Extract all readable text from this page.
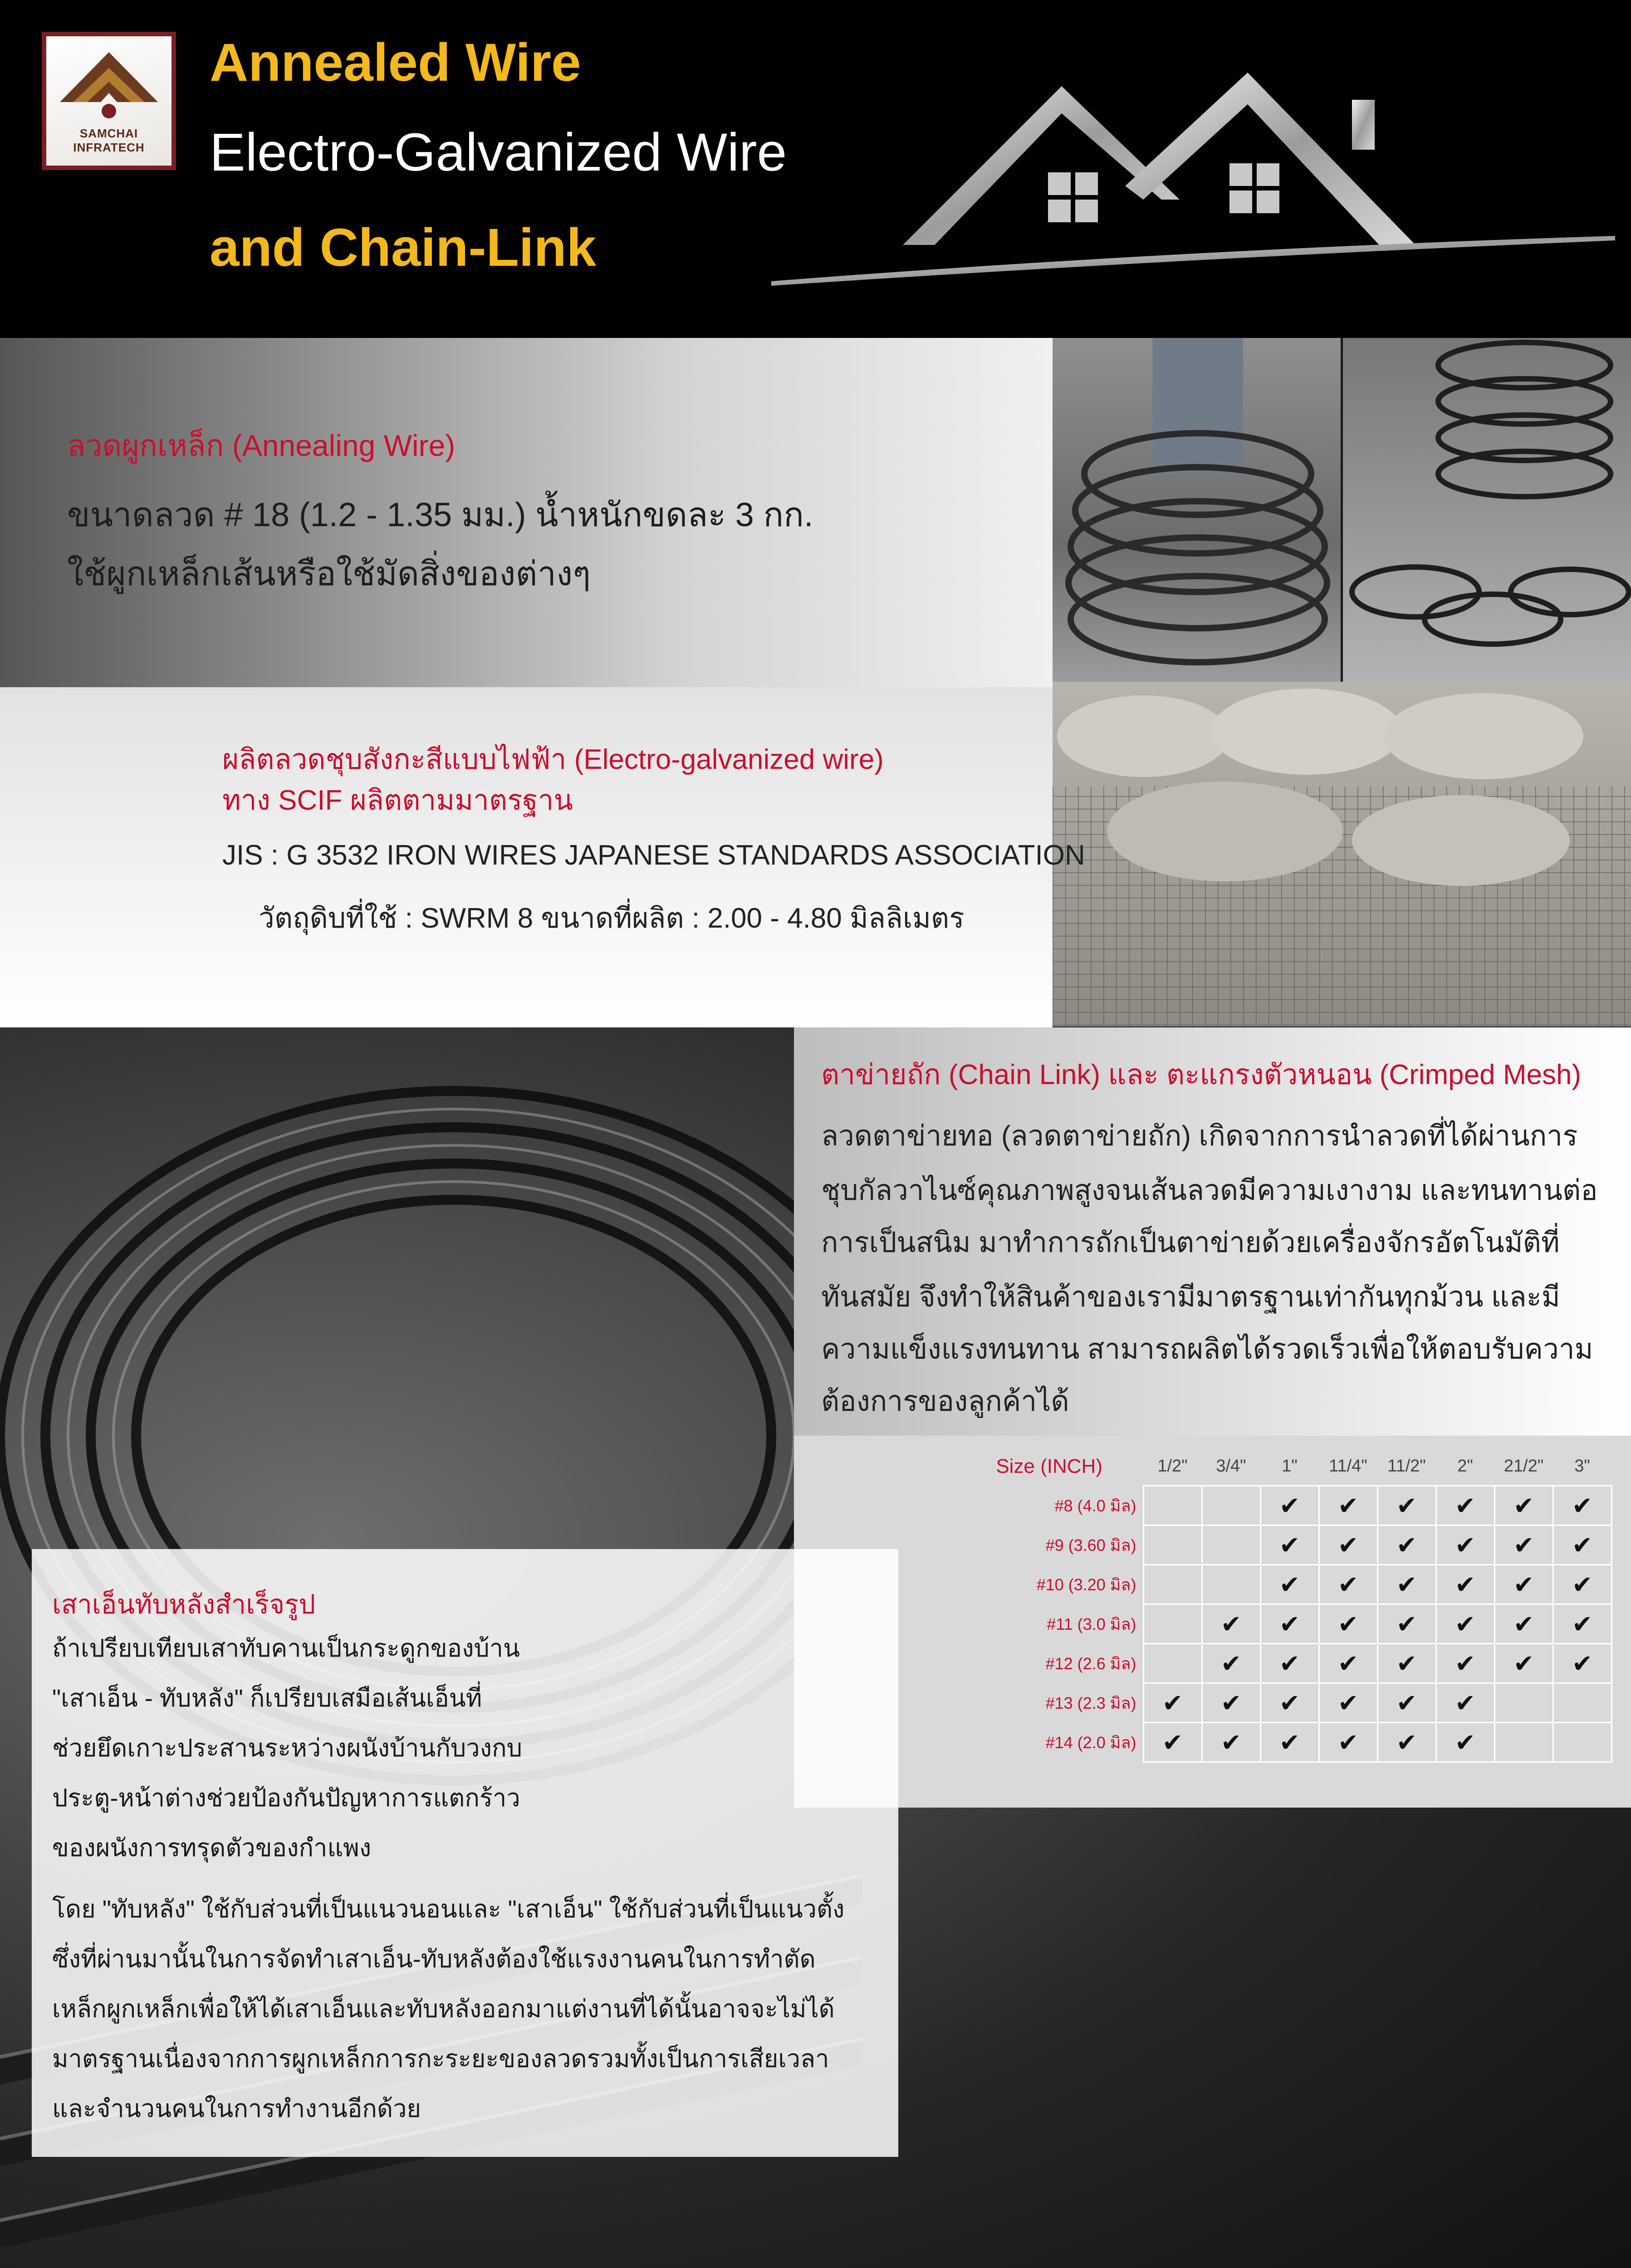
SAMCHAI INFRATECH
Annealed Wire
Electro-Galvanized Wire
and Chain-Link
ลวดผูกเหล็ก (Annealing Wire)
ขนาดลวด # 18 (1.2 - 1.35 มม.) น้ำหนักขดละ 3 กก.
ใช้ผูกเหล็กเส้นหรือใช้มัดสิ่งของต่างๆ
ผลิตลวดชุบสังกะสีแบบไฟฟ้า (Electro-galvanized wire)
ทาง SCIF ผลิตตามมาตรฐาน
JIS : G 3532 IRON WIRES JAPANESE STANDARDS ASSOCIATION
วัตถุดิบที่ใช้ : SWRM 8 ขนาดที่ผลิต : 2.00 - 4.80 มิลลิเมตร
ตาข่ายถัก (Chain Link) และ ตะแกรงตัวหนอน (Crimped Mesh)
ลวดตาข่ายทอ (ลวดตาข่ายถัก) เกิดจากการนำลวดที่ได้ผ่านการ
ชุบกัลวาไนซ์คุณภาพสูงจนเส้นลวดมีความเงางาม และทนทานต่อ
การเป็นสนิม มาทำการถักเป็นตาข่ายด้วยเครื่องจักรอัตโนมัติที่
ทันสมัย จึงทำให้สินค้าของเรามีมาตรฐานเท่ากันทุกม้วน และมี
ความแข็งแรงทนทาน สามารถผลิตได้รวดเร็วเพื่อให้ตอบรับความ
ต้องการของลูกค้าได้
Size (INCH)	1/2"	3/4"	1"	11/4"	11/2"	2"	21/2"	3"
#8 (4.0 มิล)			✔	✔	✔	✔	✔	✔
#9 (3.60 มิล)			✔	✔	✔	✔	✔	✔
#10 (3.20 มิล)			✔	✔	✔	✔	✔	✔
#11 (3.0 มิล)		✔	✔	✔	✔	✔	✔	✔
#12 (2.6 มิล)		✔	✔	✔	✔	✔	✔	✔
#13 (2.3 มิล)	✔	✔	✔	✔	✔	✔		
#14 (2.0 มิล)	✔	✔	✔	✔	✔	✔		
เสาเอ็นทับหลังสำเร็จรูป
ถ้าเปรียบเทียบเสาทับคานเป็นกระดูกของบ้าน
"เสาเอ็น - ทับหลัง" ก็เปรียบเสมือเส้นเอ็นที่
ช่วยยึดเกาะประสานระหว่างผนังบ้านกับวงกบ
ประตู-หน้าต่างช่วยป้องกันปัญหาการแตกร้าว
ของผนังการทรุดตัวของกำแพง
โดย "ทับหลัง" ใช้กับส่วนที่เป็นแนวนอนและ "เสาเอ็น" ใช้กับส่วนที่เป็นแนวตั้ง
ซึ่งที่ผ่านมานั้นในการจัดทำเสาเอ็น-ทับหลังต้องใช้แรงงานคนในการทำตัด
เหล็กผูกเหล็กเพื่อให้ได้เสาเอ็นและทับหลังออกมาแต่งานที่ได้นั้นอาจจะไม่ได้
มาตรฐานเนื่องจากการผูกเหล็กการกะระยะของลวดรวมทั้งเป็นการเสียเวลา
และจำนวนคนในการทำงานอีกด้วย
